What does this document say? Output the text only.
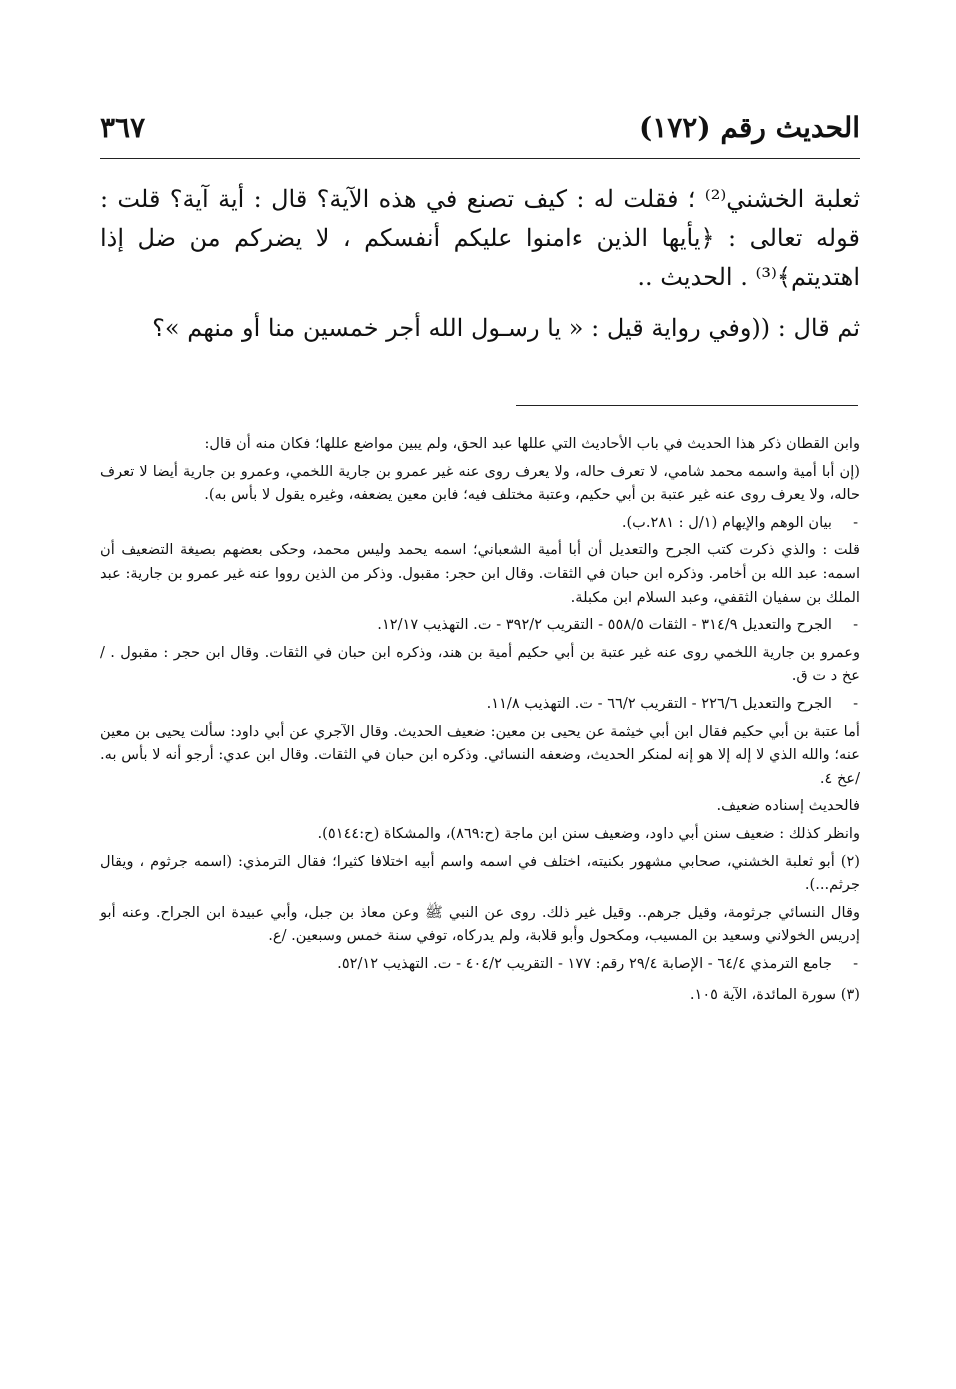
الحديث رقم (١٧٢)
٣٦٧

ثعلبة الخشني⁽²⁾ ؛ فقلت له : كيف تصنع في هذه الآية؟ قال : أية آية؟ قلت : قوله تعالى : ﴿يأيها الذين ءامنوا عليكم أنفسكم ، لا يضركم من ضل إذا اهتديتم﴾⁽³⁾ . الحديث ..

ثم قال : ((وفي رواية قيل : « يا رسـول الله أجر خمسين منا أو منهم »؟

وابن القطان ذكر هذا الحديث في باب الأحاديث التي عللها عبد الحق، ولم يبين مواضع عللها؛ فكان منه أن قال:

(إن أبا أمية واسمه محمد شامي، لا تعرف حاله، ولا يعرف روى عنه غير عمرو بن جارية اللخمي، وعمرو بن جارية أيضا لا تعرف حاله، ولا يعرف روى عنه غير عتبة بن أبي حكيم، وعتبة مختلف فيه؛ فابن معين يضعفه، وغيره يقول لا بأس به).

- بيان الوهم والإيهام (١/ل : ٢٨١.ب).

قلت : والذي ذكرت كتب الجرح والتعديل أن أبا أمية الشعباني؛ اسمه يحمد وليس محمد، وحكى بعضهم بصيغة التضعيف أن اسمه: عبد الله بن أخامر. وذكره ابن حبان في الثقات. وقال ابن حجر: مقبول. وذكر من الذين رووا عنه غير عمرو بن جارية: عبد الملك بن سفيان الثقفي، وعبد السلام ابن مكبلة.

- الجرح والتعديل ٣١٤/٩ - الثقات ٥٥٨/٥ - التقريب ٣٩٢/٢ - ت. التهذيب ١٢/١٧.

وعمرو بن جارية اللخمي روى عنه غير عتبة بن أبي حكيم أمية بن هند، وذكره ابن حبان في الثقات. وقال ابن حجر : مقبول . / عخ د ت ق.

- الجرح والتعديل ٢٢٦/٦ - التقريب ٦٦/٢ - ت. التهذيب ١١/٨.

أما عتبة بن أبي حكيم فقال ابن أبي خيثمة عن يحيى بن معين: ضعيف الحديث. وقال الآجري عن أبي داود: سألت يحيى بن معين عنه؛ والله الذي لا إله إلا هو إنه لمنكر الحديث، وضعفه النسائي. وذكره ابن حبان في الثقات. وقال ابن عدي: أرجو أنه لا بأس به. /عخ ٤.

فالحديث إسناده ضعيف.

وانظر كذلك : ضعيف سنن أبي داود، وضعيف سنن ابن ماجة (ح:٨٦٩)، والمشكاة (ح:٥١٤٤).

(٢) أبو ثعلبة الخشني، صحابي مشهور بكنيته، اختلف في اسمه واسم أبيه اختلافا كثيرا؛ فقال الترمذي: (اسمه جرثوم ، ويقال جرثم...).

وقال النسائي جرثومة، وقيل جرهم.. وقيل غير ذلك. روى عن النبي ﷺ وعن معاذ بن جبل، وأبي عبيدة ابن الجراح. وعنه أبو إدريس الخولاني وسعيد بن المسيب، ومكحول وأبو قلابة، ولم يدركاه، توفي سنة خمس وسبعين. /ع.

- جامع الترمذي ٦٤/٤ - الإصابة ٢٩/٤ رقم: ١٧٧ - التقريب ٤٠٤/٢ - ت. التهذيب ٥٢/١٢.

(٣) سورة المائدة، الآية ١٠٥.
